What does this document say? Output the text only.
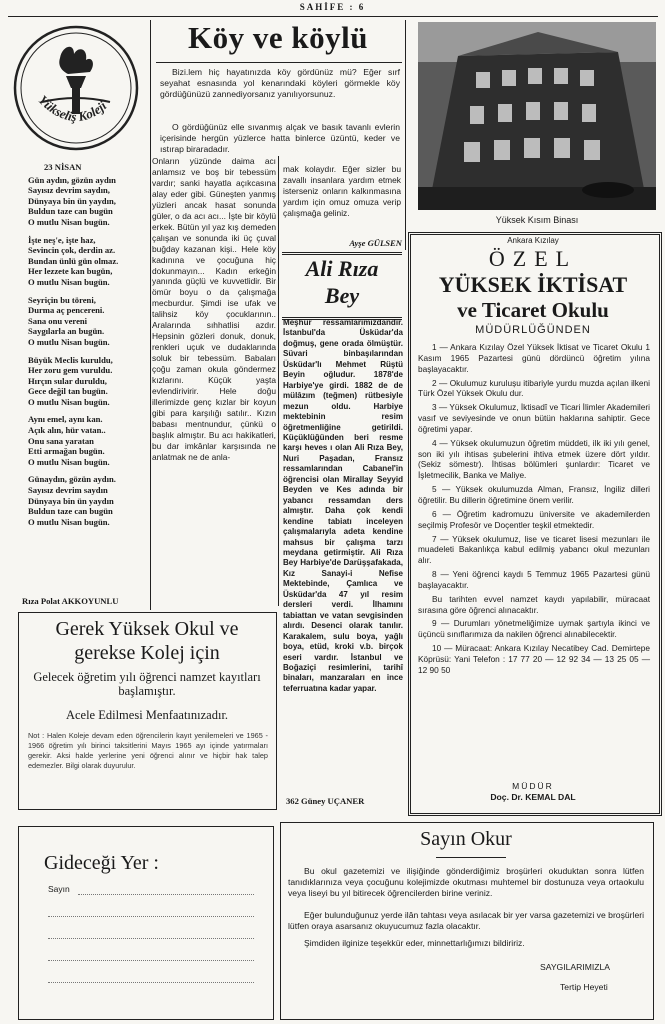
SAHİFE : 6
Yükseliş Koleji

23 NİSAN

Gün aydın, gözün aydın

Sayısız devrim saydın,

Dünyaya bin ün yaydın,

Buldun taze can bugün

O mutlu Nisan bugün.

İşte neş'e, işte haz,

Sevincin çok, derdin az.

Bundan ünlü gün olmaz.

Her lezzete kan bugün,

O mutlu Nisan bugün.

Seyriçin bu töreni,

Durma aç pencereni.

Sana onu vereni

Saygılarla an bugün.

O mutlu Nisan bugün.

Büyük Meclis kuruldu,

Her zoru gem vuruldu.

Hırçın sular duruldu,

Gece değil tan bugün.

O mutlu Nisan bugün.

Aynı emel, aynı kan.

Açık alın, hür vatan..

Onu sana yaratan

Etti armağan bugün.

O mutlu Nisan bugün.

Günaydın, gözün aydın.

Sayısız devrim saydın

Dünyaya bin ün yaydın

Buldun taze can bugün

O mutlu Nisan bugün.

Rıza Polat AKKOYUNLU
Köy ve köylü
Bizi.lem hiç hayatınızda köy gördünüz mü? Eğer sırf seyahat esnasında yol kenarındaki köyleri görmekle köy gördüğünüzü zannediyorsanız yanılıyorsunuz.
O gördüğünüz elle sıvanmış alçak ve basık tavanlı evlerin içerisinde hergün yüzlerce hatta binlerce üzüntü, keder ve ıstırap biraradadır.
Onların yüzünde daima acı anlamsız ve boş bir tebessüm vardır; sanki hayatla açıkcasına alay eder gibi. Güneşten yanmış yüzleri ancak hasat sonunda güler, o da acı acı... İşte bir köylü erkek. Bütün yıl yaz kış demeden çalışan ve sonunda iki üç çuval buğday kazanan kişi.. Hele köy kadınına ve çocuğuna hiç dokunmayın... Kadın erkeğin yanında güçlü ve kuvvetlidir. Bir ömür boyu o da çalışmağa mecburdur. Şimdi ise ufak ve talihsiz köy çocuklarının.. Aralarında sıhhatlisi azdır. Hepsinin gözleri donuk, donuk, renkleri uçuk ve dudaklarında soluk bir tebessüm. Babaları çoğu zaman okula göndermez kızlarını. Küçük yaşta evlendirivirir. Hele doğu illerimizde genç kızlar bir koyun gibi para karşılığı satılır.. Kızın babası mentnundur, çünkü o başlık almıştır. Bu acı hakikatleri, bu dar imkânlar karşısında ne anlatmak ne de anla-
mak kolaydır. Eğer sizler bu zavallı insanlara yardım etmek isterseniz onların kalkınmasına yardım için omuz omuza verip çalışmağa geliniz.
Ayşe GÜLSEN
Ali Rıza
Bey
Meşhur ressamlarımızdandır. İstanbul'da Üsküdar'da doğmuş, gene orada ölmüştür. Süvari binbaşılarından Üsküdar'lı Mehmet Rüştü Beyin oğludur. 1878'de Harbiye'ye girdi. 1882 de de mülâzım (teğmen) rütbesiyle mezun oldu. Harbiye mektebinin resim öğretmenliğine getirildi. Küçüklüğünden beri resme karşı heves ı olan Ali Rıza Bey, Nuri Paşadan, Fransız ressamlarından Cabanel'in öğrencisi olan Mirallay Seyyid Beyden ve Kes adında bir yabancı ressamdan ders almıştır. Daha çok kendi kendine tabiatı inceleyen çalışmalarıyla adeta kendine mahsus bir çalışma tarzı meydana getirmiştir. Ali Rıza Bey Harbiye'de Darüşşafakada, Kız Sanayi-i Nefise Mektebinde, Çamlıca ve Üsküdar'da 47 yıl resim dersleri verdi. İlhamını tabiattan ve vatan sevgisinden alırdı. Desenci olarak tanılır. Karakalem, sulu boya, yağlı boya, etüd, kroki v.b. birçok eseri vardır. İstanbul ve Boğaziçi resimlerini, tarihî binaları, manzaraları en ince teferruatına kadar yapar.
362 Güney UÇANER
Yüksek Kısım Binası
Ankara Kızılay
ÖZEL
YÜKSEK İKTİSAT
ve Ticaret Okulu
MÜDÜRLÜĞÜNDEN

1 — Ankara Kızılay Özel Yüksek İktisat ve Ticaret Okulu 1 Kasım 1965 Pazartesi günü dördüncü öğretim yılına başlayacaktır.

2 — Okulumuz kurulușu itibariyle yurdu muzda açılan ilkeni Türk Özel Yüksek Okulu dur.

3 — Yüksek Okulumuz, İktisadî ve Ticari İlimler Akademileri vasıf ve seviyesinde ve onun bütün haklarına sahiptir. Gece öğretimi yapar.

4 — Yüksek okulumuzun öğretim müddeti, ilk iki yılı genel, son iki yılı ihtisas şubelerini ihtiva etmek üzere dört yıldır. (Sekiz sömestr). İhtisas bölümleri şunlardır: Ticaret ve İşletmecilik, Banka ve Maliye.

5 — Yüksek okulumuzda Alman, Fransız, İngiliz dilleri öğretilir. Bu dillerin öğretimine önem verilir.

6 — Öğretim kadromuzu üniversite ve akademilerden seçilmiş Profesör ve Doçentler teşkil etmektedir.

7 — Yüksek okulumuz, lise ve ticaret lisesi mezunları ile muadeleti Bakanlıkça kabul edilmiş yabancı okul mezunları alır.

8 — Yeni öğrenci kaydı 5 Temmuz 1965 Pazartesi günü başlayacaktır.

Bu tarihten evvel namzet kaydı yapılabilir, müracaat sırasına göre öğrenci alınacaktır.

9 — Durumları yönetmeliğimize uymak şartıyla ikinci ve üçüncü sınıflarımıza da nakilen öğrenci alınabilecektir.

10 — Müracaat: Ankara Kızılay Necatibey Cad. Demirtepe Köprüsü: Yani Telefon : 17 77 20 — 12 92 34 — 13 25 05 — 12 90 50

MÜDÜR
Doç. Dr. KEMAL DAL
Gerek Yüksek Okul ve
gerekse Kolej için
Gelecek öğretim yılı öğrenci namzet kayıtları başlamıştır.
Acele Edilmesi Menfaatınızadır.
Not : Halen Koleje devam eden öğrencilerin kayıt yenilemeleri ve 1965 - 1966 öğretim yılı birinci taksitlerini Mayıs 1965 ayı içinde yatırmaları gerekir. Aksi halde yerlerine yeni öğrenci alınır ve hiçbir hak talep edemezler. Bilgi olarak duyurulur.
Gideceği Yer :
Sayın
Sayın Okur
Bu okul gazetemizi ve ilişiğinde gönderdiğimiz broşürleri okuduktan sonra lütfen tanıdıklarınıza veya çocuğunu kolejimizde okutması muhtemel bir dostunuza veya ortaokulu veya liseyi bu yıl bitirecek öğrencilerden birine veriniz.
Eğer bulunduğunuz yerde ilân tahtası veya asılacak bir yer varsa gazetemizi ve broşürleri lütfen oraya asarsanız okuyucumuz fazla olacaktır.
Şimdiden ilginize teşekkür eder, minnettarlığımızı bildiririz.
SAYGILARIMIZLA
Tertip Heyeti
